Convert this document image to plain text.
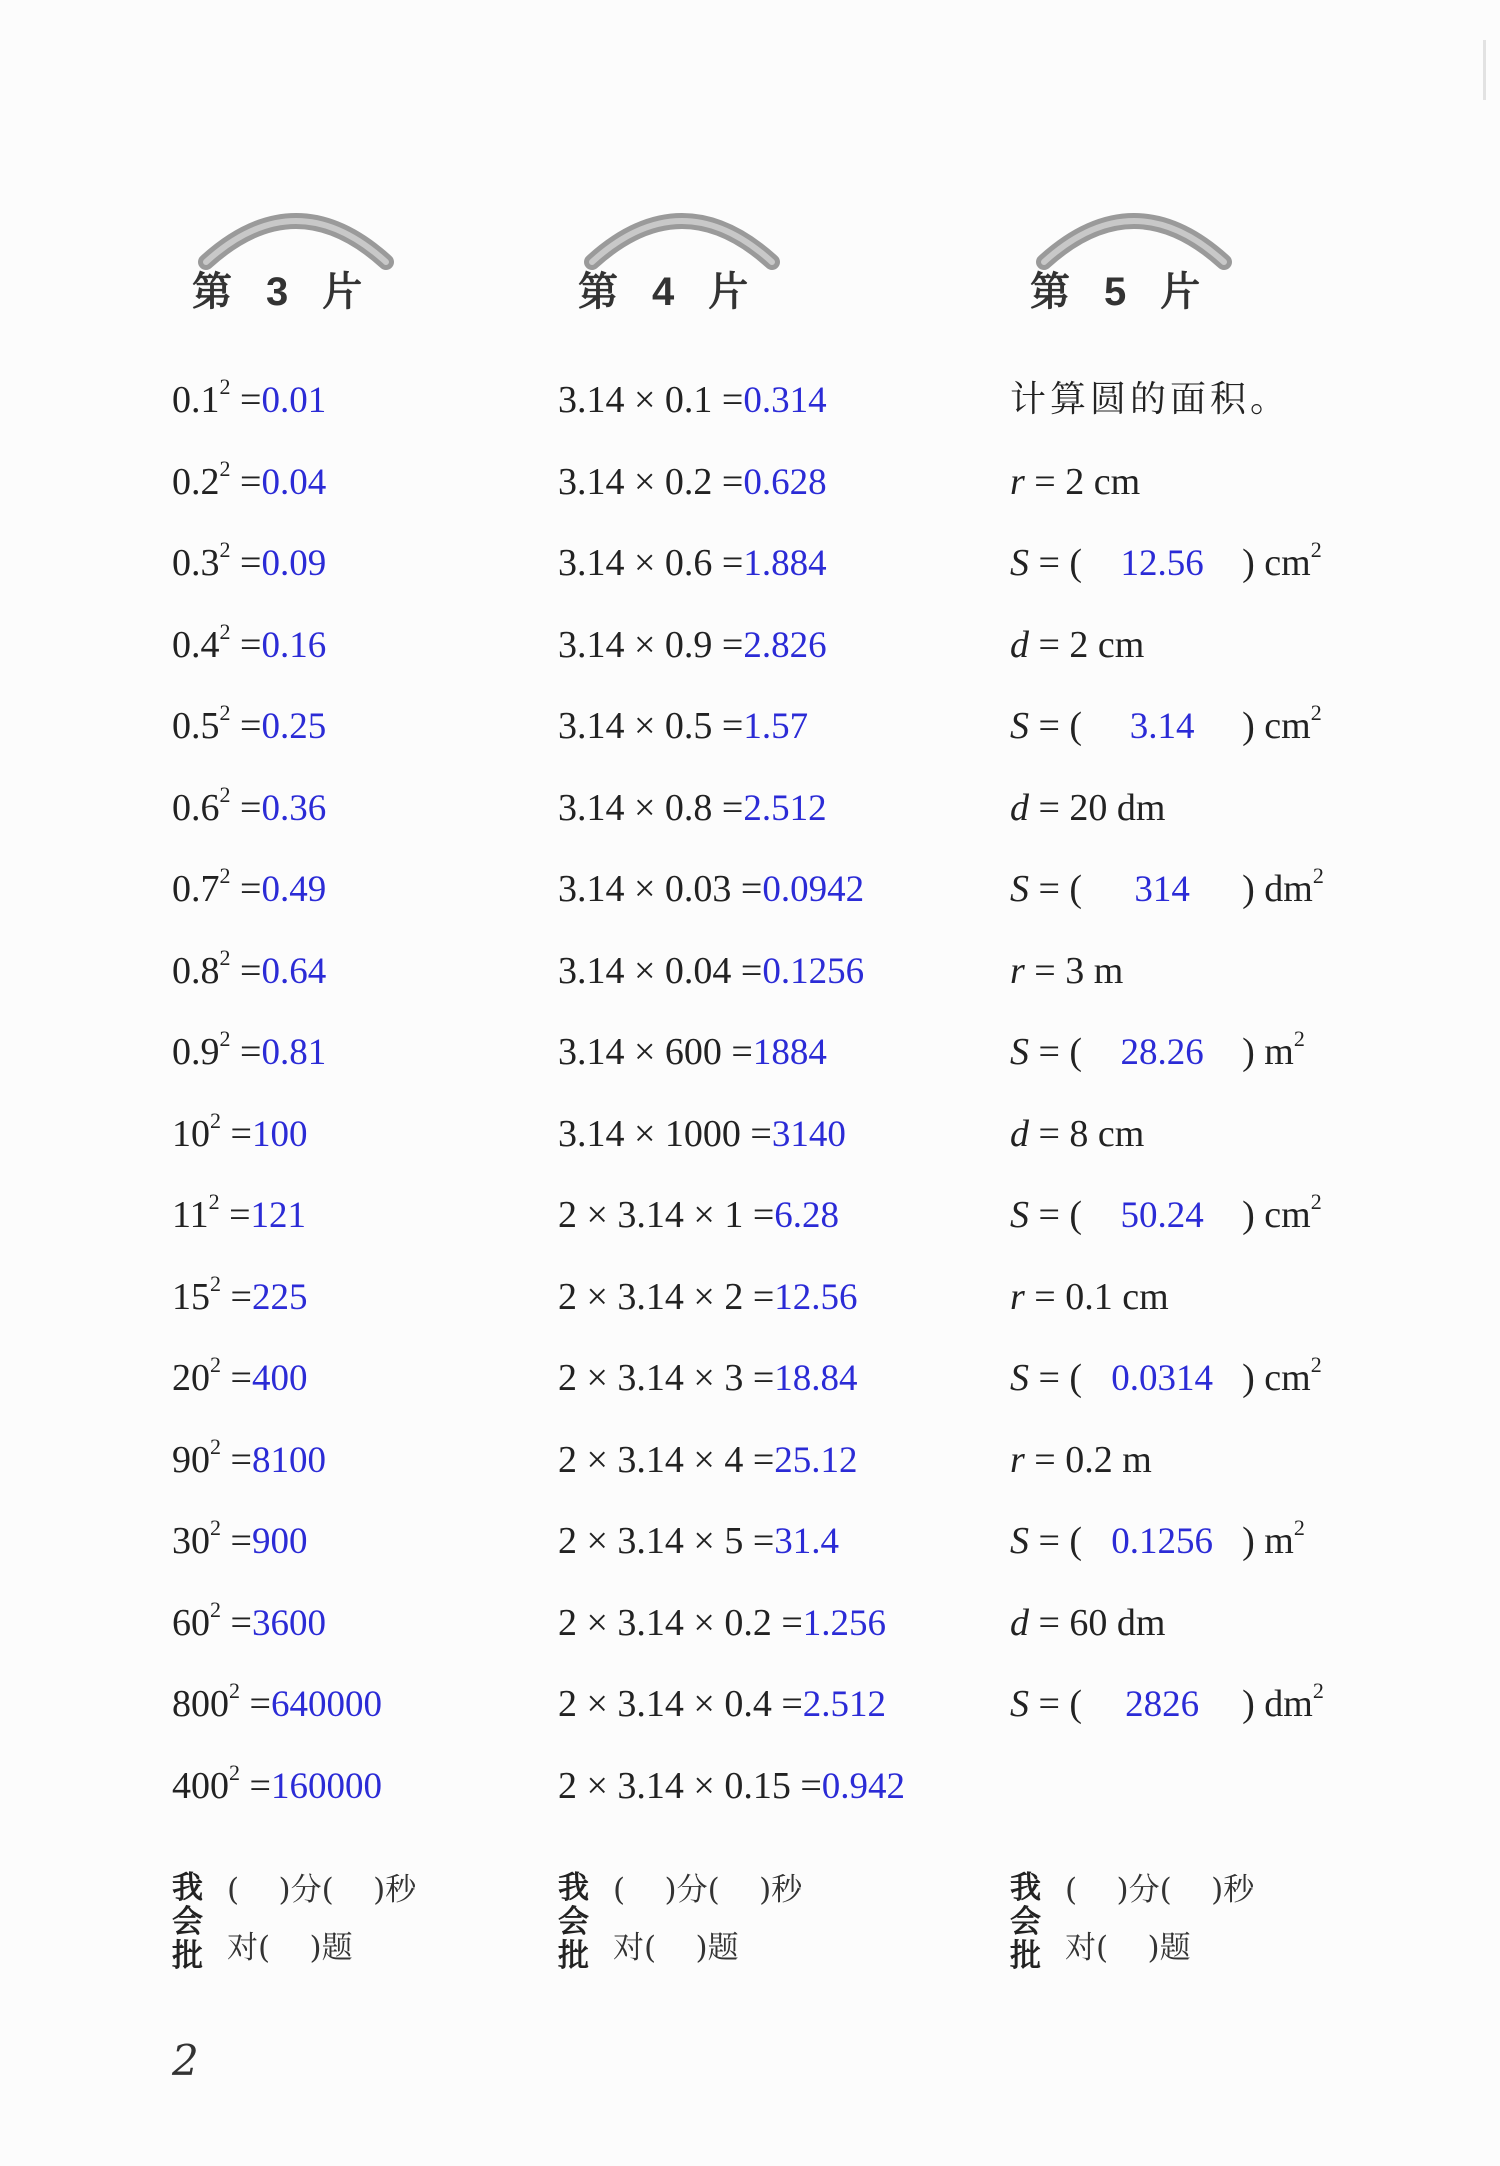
第 3 片
$0.1^2 =0.01$
$0.2^2 =0.04$
$0.3^2 =0.09$
$0.4^2 =0.16$
$0.5^2 =0.25$
$0.6^2 =0.36$
$0.7^2 =0.49$
$0.8^2 =0.64$
$0.9^2 =0.81$
$10^2 =100$
$11^2 =121$
$15^2 =225$
$20^2 =400$
$90^2 =8100$
$30^2 =900$
$60^2 =3600$
$800^2 =640000$
$400^2 =160000$
我
会
批
(    )分(    )秒
对(    )题
第 4 片
3.14 × 0.1 =0.314
3.14 × 0.2 =0.628
3.14 × 0.6 =1.884
3.14 × 0.9 =2.826
3.14 × 0.5 =1.57
3.14 × 0.8 =2.512
3.14 × 0.03 =0.0942
3.14 × 0.04 =0.1256
3.14 × 600 =1884
3.14 × 1000 =3140
2 × 3.14 × 1 =6.28
2 × 3.14 × 2 =12.56
2 × 3.14 × 3 =18.84
2 × 3.14 × 4 =25.12
2 × 3.14 × 5 =31.4
2 × 3.14 × 0.2 =1.256
2 × 3.14 × 0.4 =2.512
2 × 3.14 × 0.15 =0.942
我
会
批
(    )分(    )秒
对(    )题
第 5 片
计算圆的面积。
r = 2 cm
S = ( 12.56 ) $cm^2$
d = 2 cm
S = ( 3.14 ) $cm^2$
d = 20 dm
S = ( 314 ) $dm^2$
r = 3 m
S = ( 28.26 ) $m^2$
d = 8 cm
S = ( 50.24 ) $cm^2$
r = 0.1 cm
S = ( 0.0314 ) $cm^2$
r = 0.2 m
S = ( 0.1256 ) $m^2$
d = 60 dm
S = ( 2826 ) $dm^2$
我
会
批
(    )分(    )秒
对(    )题
2
